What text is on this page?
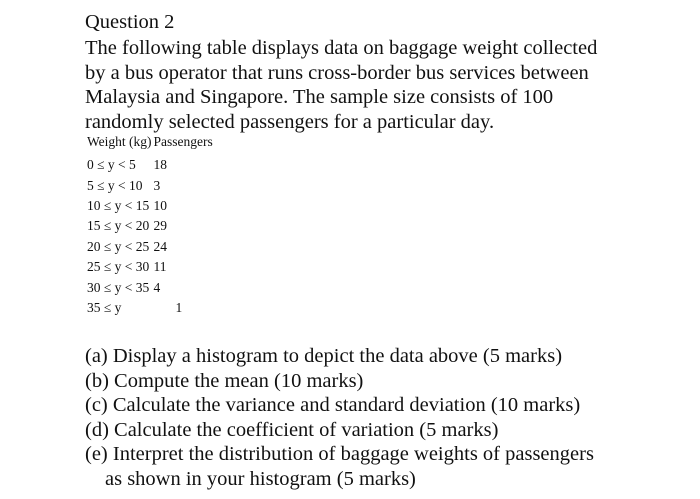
Question 2

The following table displays data on baggage weight collected
by a bus operator that runs cross-border bus services between
Malaysia and Singapore. The sample size consists of 100
randomly selected passengers for a particular day.

Weight (kg)	Passengers
0 ≤ y < 5	18
5 ≤ y < 10	3
10 ≤ y < 15	10
15 ≤ y < 20	29
20 ≤ y < 25	24
25 ≤ y < 30	11
30 ≤ y < 35	4
35 ≤ y	1
(a) Display a histogram to depict the data above (5 marks)
(b) Compute the mean (10 marks)
(c) Calculate the variance and standard deviation (10 marks)
(d) Calculate the coefficient of variation (5 marks)
(e) Interpret the distribution of baggage weights of passengers
as shown in your histogram (5 marks)
